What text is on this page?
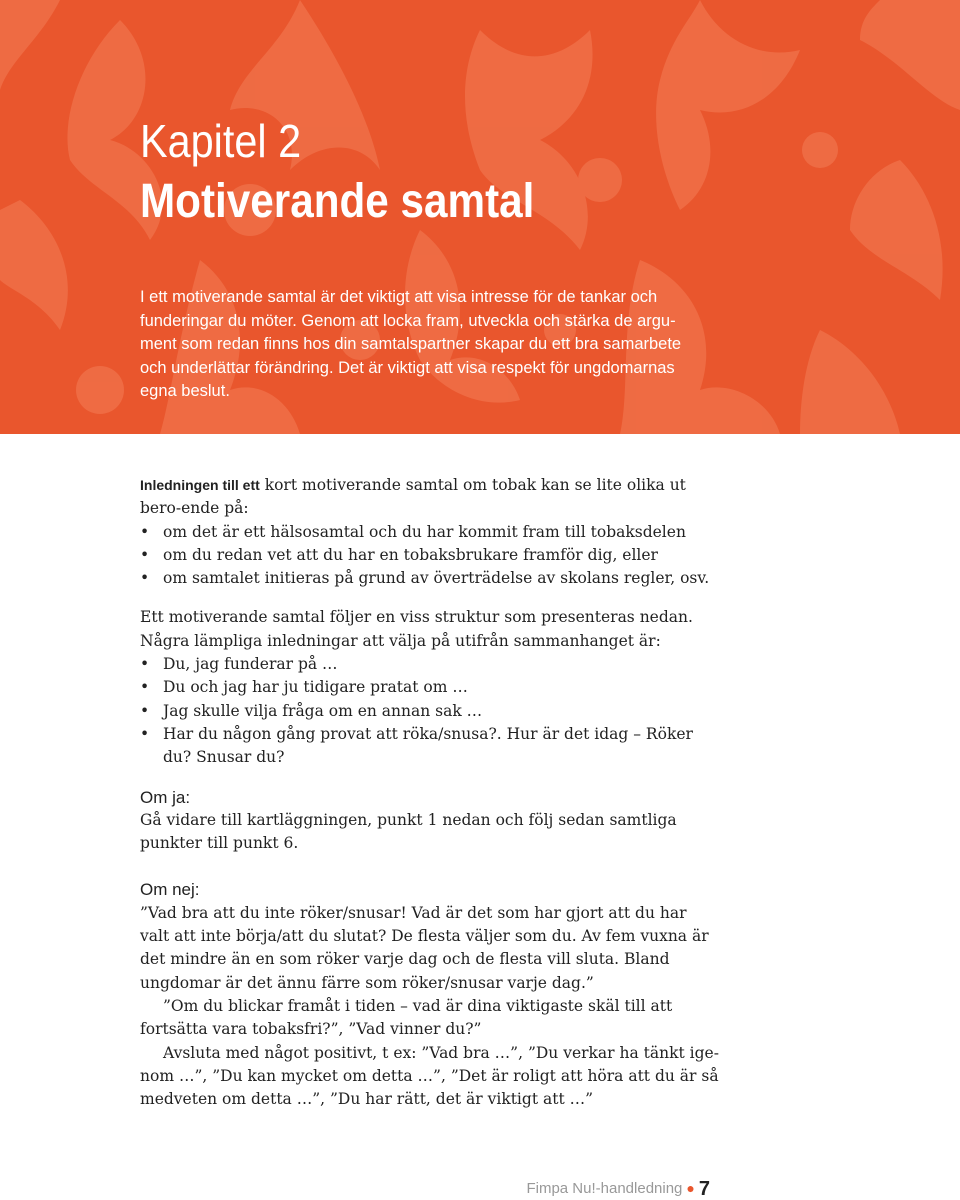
Kapitel 2
Motiverande samtal

I ett motiverande samtal är det viktigt att visa intresse för de tankar och
funderingar du möter. Genom att locka fram, utveckla och stärka de argu-
ment som redan finns hos din samtalspartner skapar du ett bra samarbete
och underlättar förändring. Det är viktigt att visa respekt för ungdomarnas
egna beslut.

Inledningen till ett kort motiverande samtal om tobak kan se lite olika ut bero-ende på:

• om det är ett hälsosamtal och du har kommit fram till tobaksdelen
• om du redan vet att du har en tobaksbrukare framför dig, eller
• om samtalet initieras på grund av överträdelse av skolans regler, osv.

Ett motiverande samtal följer en viss struktur som presenteras nedan. Några lämpliga inledningar att välja på utifrån sammanhanget är:

• Du, jag funderar på …
• Du och jag har ju tidigare pratat om …
• Jag skulle vilja fråga om en annan sak …
• Har du någon gång provat att röka/snusa?. Hur är det idag – Röker du? Snusar du?
Om ja:

Gå vidare till kartläggningen, punkt 1 nedan och följ sedan samtliga punkter till punkt 6.

Om nej:

”Vad bra att du inte röker/snusar! Vad är det som har gjort att du har valt att inte börja/att du slutat? De flesta väljer som du. Av fem vuxna är det mindre än en som röker varje dag och de flesta vill sluta. Bland ungdomar är det ännu färre som röker/snusar varje dag.”

”Om du blickar framåt i tiden – vad är dina viktigaste skäl till att fortsätta vara tobaksfri?”, ”Vad vinner du?”

Avsluta med något positivt, t ex: ”Vad bra …”, ”Du verkar ha tänkt ige-nom …”, ”Du kan mycket om detta …”, ”Det är roligt att höra att du är så medveten om detta …”, ”Du har rätt, det är viktigt att …”

Fimpa Nu!-handledning ● 7
